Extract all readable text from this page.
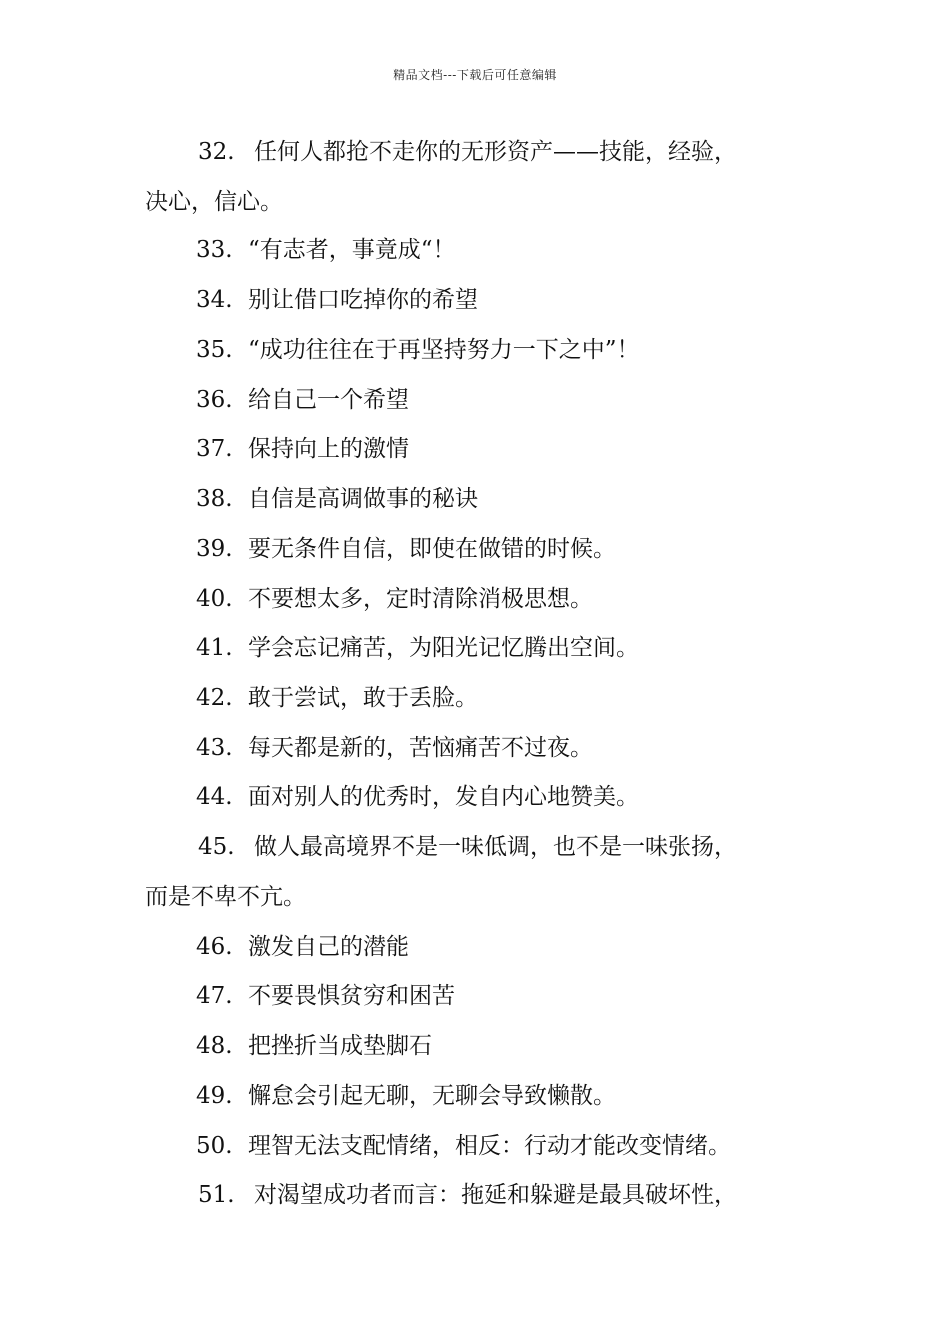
精品文档---下载后可任意编辑
32. 任何人都抢不走你的无形资产——技能，经验，
决心，信心。
33. “有志者，事竟成“！
34. 别让借口吃掉你的希望
35. “成功往往在于再坚持努力一下之中”！
36. 给自己一个希望
37. 保持向上的激情
38. 自信是高调做事的秘诀
39. 要无条件自信，即使在做错的时候。
40. 不要想太多，定时清除消极思想。
41. 学会忘记痛苦，为阳光记忆腾出空间。
42. 敢于尝试，敢于丢脸。
43. 每天都是新的，苦恼痛苦不过夜。
44. 面对别人的优秀时，发自内心地赞美。
45. 做人最高境界不是一味低调，也不是一味张扬，
而是不卑不亢。
46. 激发自己的潜能
47. 不要畏惧贫穷和困苦
48. 把挫折当成垫脚石
49. 懈怠会引起无聊，无聊会导致懒散。
50. 理智无法支配情绪，相反：行动才能改变情绪。
51. 对渴望成功者而言：拖延和躲避是最具破坏性，
